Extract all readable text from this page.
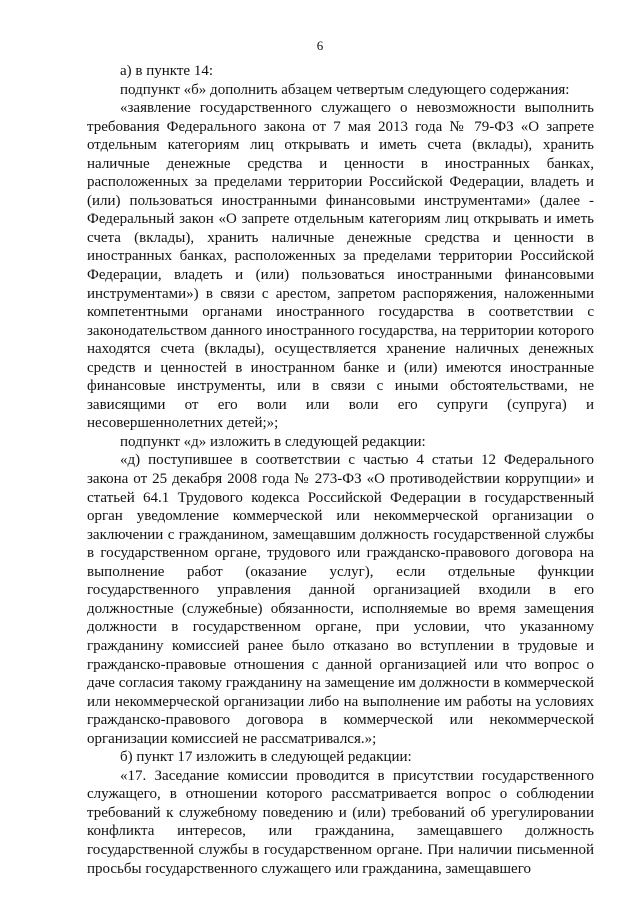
6

а) в пункте 14:

подпункт «б» дополнить абзацем четвертым следующего содержания:

«заявление государственного служащего о невозможности выполнить требования Федерального закона от 7 мая 2013 года № 79-ФЗ «О запрете отдельным категориям лиц открывать и иметь счета (вклады), хранить наличные денежные средства и ценности в иностранных банках, расположенных за пределами территории Российской Федерации, владеть и (или) пользоваться иностранными финансовыми инструментами» (далее - Федеральный закон «О запрете отдельным категориям лиц открывать и иметь счета (вклады), хранить наличные денежные средства и ценности в иностранных банках, расположенных за пределами территории Российской Федерации, владеть и (или) пользоваться иностранными финансовыми инструментами») в связи с арестом, запретом распоряжения, наложенными компетентными органами иностранного государства в соответствии с законодательством данного иностранного государства, на территории которого находятся счета (вклады), осуществляется хранение наличных денежных средств и ценностей в иностранном банке и (или) имеются иностранные финансовые инструменты, или в связи с иными обстоятельствами, не зависящими от его воли или воли его супруги (супруга) и несовершеннолетних детей;»;

подпункт «д» изложить в следующей редакции:

«д) поступившее в соответствии с частью 4 статьи 12 Федерального закона от 25 декабря 2008 года № 273-ФЗ «О противодействии коррупции» и статьей 64.1 Трудового кодекса Российской Федерации в государственный орган уведомление коммерческой или некоммерческой организации о заключении с гражданином, замещавшим должность государственной службы в государственном органе, трудового или гражданско-правового договора на выполнение работ (оказание услуг), если отдельные функции государственного управления данной организацией входили в его должностные (служебные) обязанности, исполняемые во время замещения должности в государственном органе, при условии, что указанному гражданину комиссией ранее было отказано во вступлении в трудовые и гражданско-правовые отношения с данной организацией или что вопрос о даче согласия такому гражданину на замещение им должности в коммерческой или некоммерческой организации либо на выполнение им работы на условиях гражданско-правового договора в коммерческой или некоммерческой организации комиссией не рассматривался.»;

б) пункт 17 изложить в следующей редакции:

«17. Заседание комиссии проводится в присутствии государственного служащего, в отношении которого рассматривается вопрос о соблюдении требований к служебному поведению и (или) требований об урегулировании конфликта интересов, или гражданина, замещавшего должность государственной службы в государственном органе. При наличии письменной просьбы государственного служащего или гражданина, замещавшего
